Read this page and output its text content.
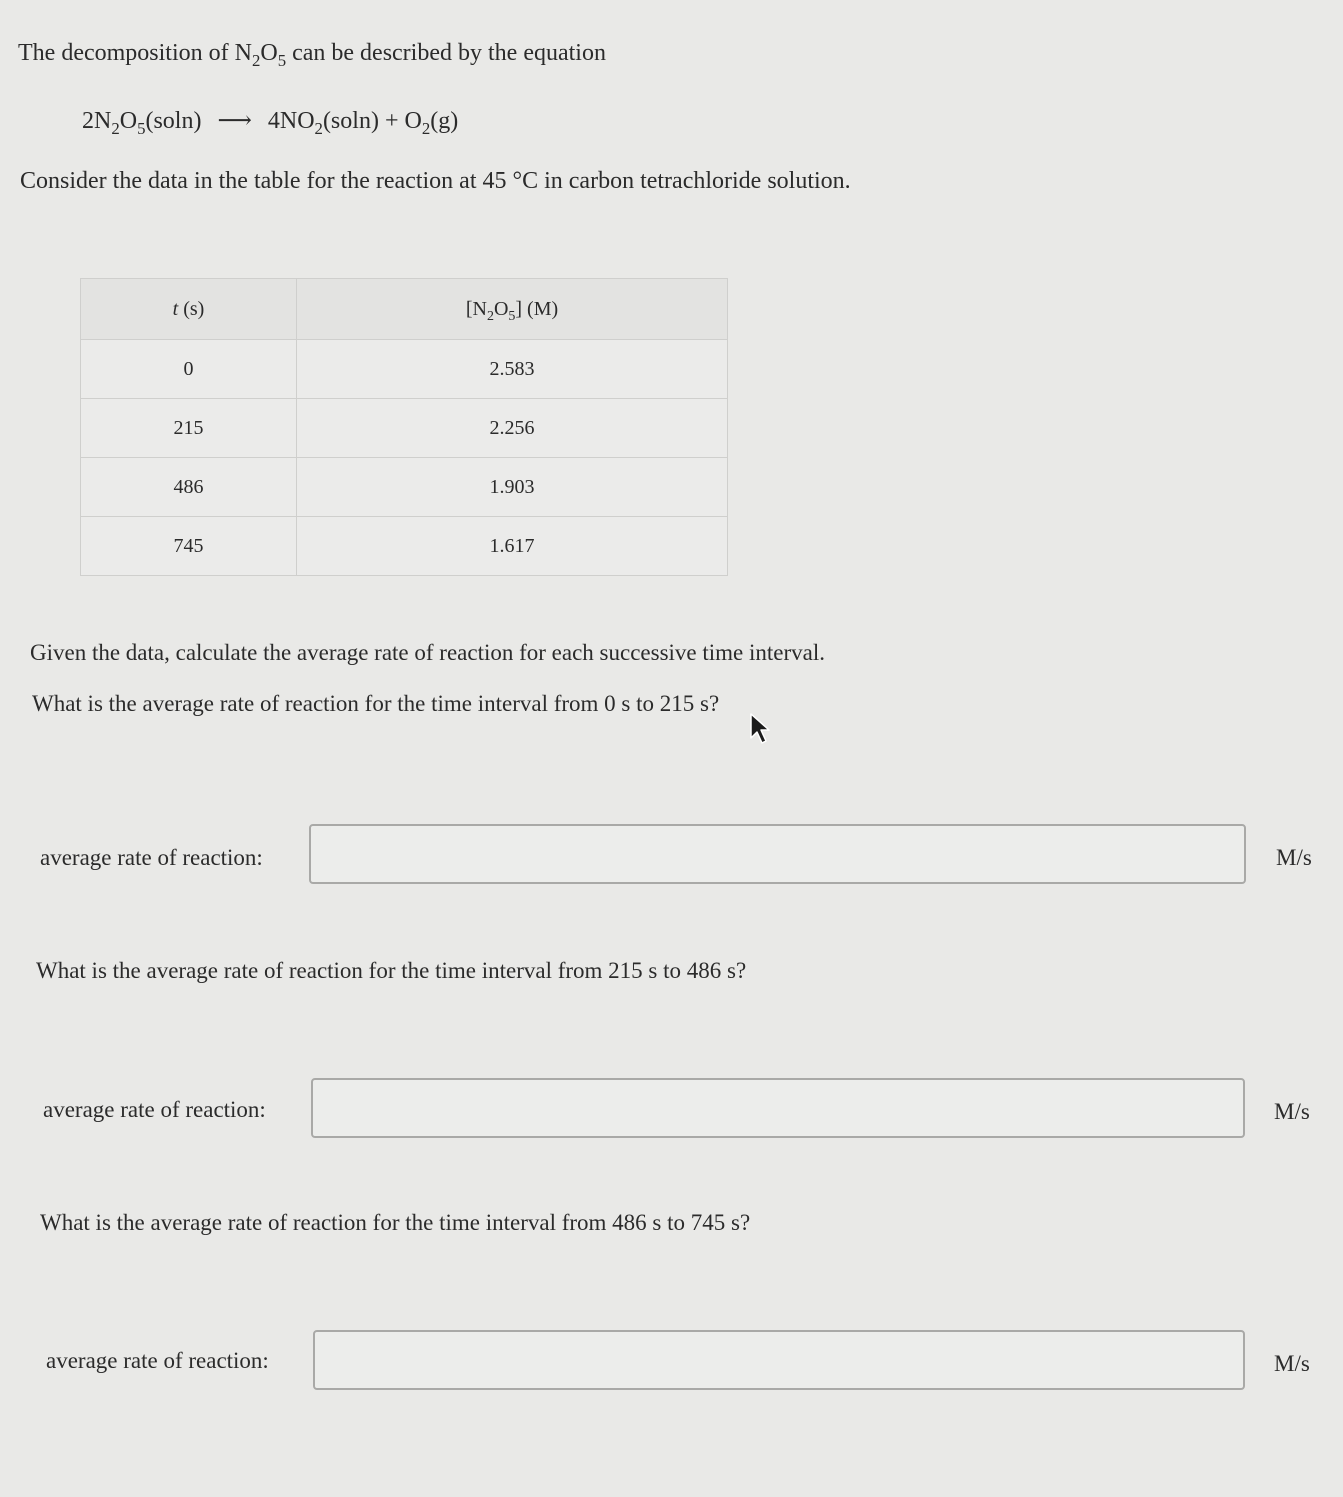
The decomposition of $N_2O_5$ can be described by the equation
$2N_2O_5(soln)$ ⟶ $4NO_2(soln) + O_2(g)$
Consider the data in the table for the reaction at 45 °C in carbon tetrachloride solution.
t (s)	$[N_2O_5]$ (M)
0	2.583
215	2.256
486	1.903
745	1.617
Given the data, calculate the average rate of reaction for each successive time interval.
What is the average rate of reaction for the time interval from 0 s to 215 s?
average rate of reaction:	M/s
What is the average rate of reaction for the time interval from 215 s to 486 s?
average rate of reaction:	M/s
What is the average rate of reaction for the time interval from 486 s to 745 s?
average rate of reaction:	M/s
